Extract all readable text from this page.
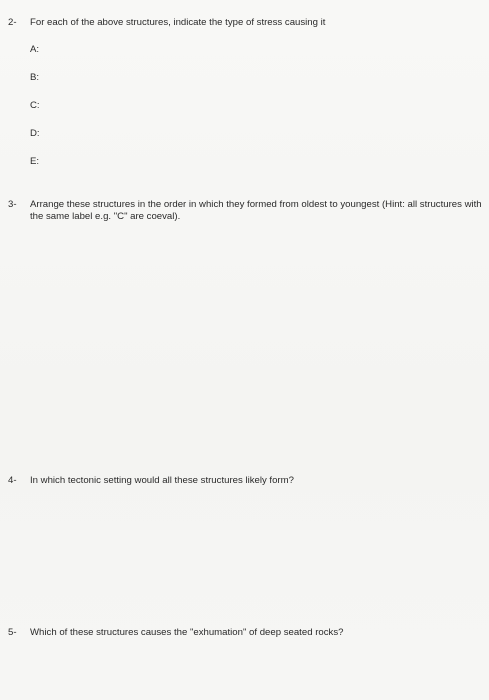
2-	For each of the above structures, indicate the type of stress causing it
A:
B:
C:
D:
E:
3-	Arrange these structures in the order in which they formed from oldest to youngest (Hint: all structures with the same label e.g. "C" are coeval).
4-	In which tectonic setting would all these structures likely form?
5-	Which of these structures causes the "exhumation" of deep seated rocks?
